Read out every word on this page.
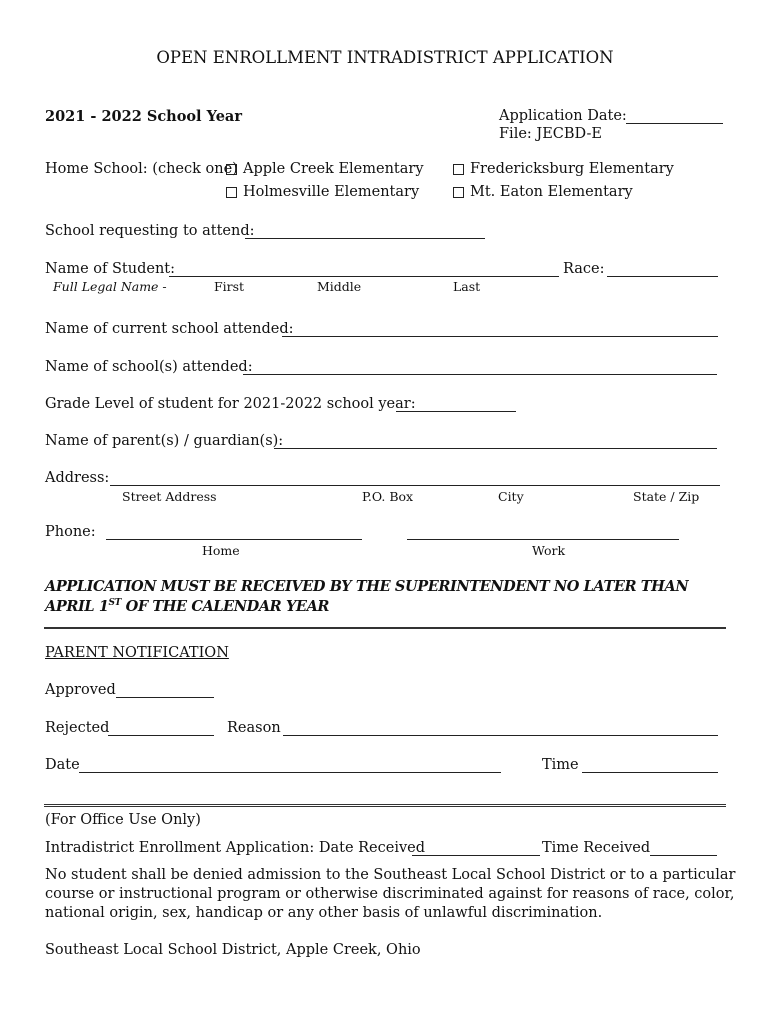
OPEN ENROLLMENT INTRADISTRICT APPLICATION
2021 - 2022 School Year	Application Date:
File: JECBD-E
Home School: (check one) Apple Creek Elementary	Fredericksburg Elementary
Holmesville Elementary	Mt. Eaton Elementary
School requesting to attend:
Name of Student:	Race:
Full Legal Name -	First	Middle	Last
Name of current school attended:
Name of school(s) attended:
Grade Level of student for 2021-2022 school year:
Name of parent(s) / guardian(s):
Address:
Street Address	P.O. Box	City	State / Zip
Phone:
Home	Work
APPLICATION MUST BE RECEIVED BY THE SUPERINTENDENT NO LATER THAN
APRIL 1ST OF THE CALENDAR YEAR
PARENT NOTIFICATION
Approved
Rejected	Reason
Date	Time
(For Office Use Only)
Intradistrict Enrollment Application: Date Received	Time Received
No student shall be denied admission to the Southeast Local School District or to a particular
course or instructional program or otherwise discriminated against for reasons of race, color,
national origin, sex, handicap or any other basis of unlawful discrimination.
Southeast Local School District, Apple Creek, Ohio
